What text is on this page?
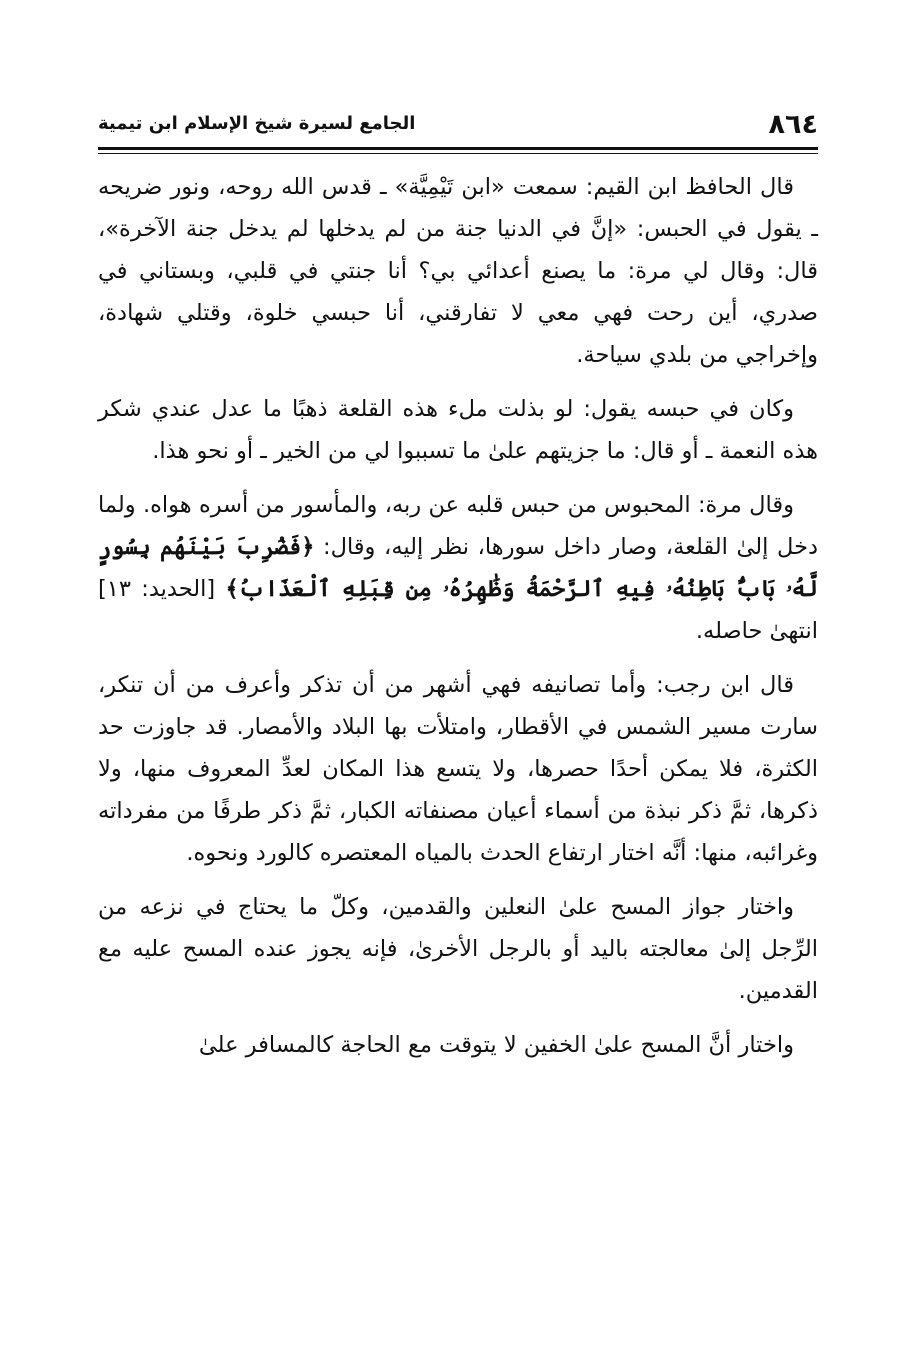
٨٦٤
الجامع لسيرة شيخ الإسلام ابن تيمية

قال الحافظ ابن القيم: سمعت «ابن تَيْمِيَّة» ـ قدس الله روحه، ونور ضريحه ـ يقول في الحبس: «إنَّ في الدنيا جنة من لم يدخلها لم يدخل جنة الآخرة»، قال: وقال لي مرة: ما يصنع أعدائي بي؟ أنا جنتي في قلبي، وبستاني في صدري، أين رحت فهي معي لا تفارقني، أنا حبسي خلوة، وقتلي شهادة، وإخراجي من بلدي سياحة.

وكان في حبسه يقول: لو بذلت ملء هذه القلعة ذهبًا ما عدل عندي شكر هذه النعمة ـ أو قال: ما جزيتهم علىٰ ما تسببوا لي من الخير ـ أو نحو هذا.

وقال مرة: المحبوس من حبس قلبه عن ربه، والمأسور من أسره هواه. ولما دخل إلىٰ القلعة، وصار داخل سورها، نظر إليه، وقال: ﴿فَضُرِبَ بَيْنَهُم بِسُورٍ لَّهُۥ بَابٌۢ بَاطِنُهُۥ فِيهِ ٱلرَّحْمَةُ وَظَٰهِرُهُۥ مِن قِبَلِهِ ٱلْعَذَابُ﴾ [الحديد: ١٣] انتهىٰ حاصله.

قال ابن رجب: وأما تصانيفه فهي أشهر من أن تذكر وأعرف من أن تنكر، سارت مسير الشمس في الأقطار، وامتلأت بها البلاد والأمصار. قد جاوزت حد الكثرة، فلا يمكن أحدًا حصرها، ولا يتسع هذا المكان لعدِّ المعروف منها، ولا ذكرها، ثمَّ ذكر نبذة من أسماء أعيان مصنفاته الكبار، ثمَّ ذكر طرفًا من مفرداته وغرائبه، منها: أنَّه اختار ارتفاع الحدث بالمياه المعتصره كالورد ونحوه.

واختار جواز المسح علىٰ النعلين والقدمين، وكلّ ما يحتاج في نزعه من الرِّجل إلىٰ معالجته باليد أو بالرجل الأخرىٰ، فإنه يجوز عنده المسح عليه مع القدمين.

واختار أنَّ المسح علىٰ الخفين لا يتوقت مع الحاجة كالمسافر علىٰ
